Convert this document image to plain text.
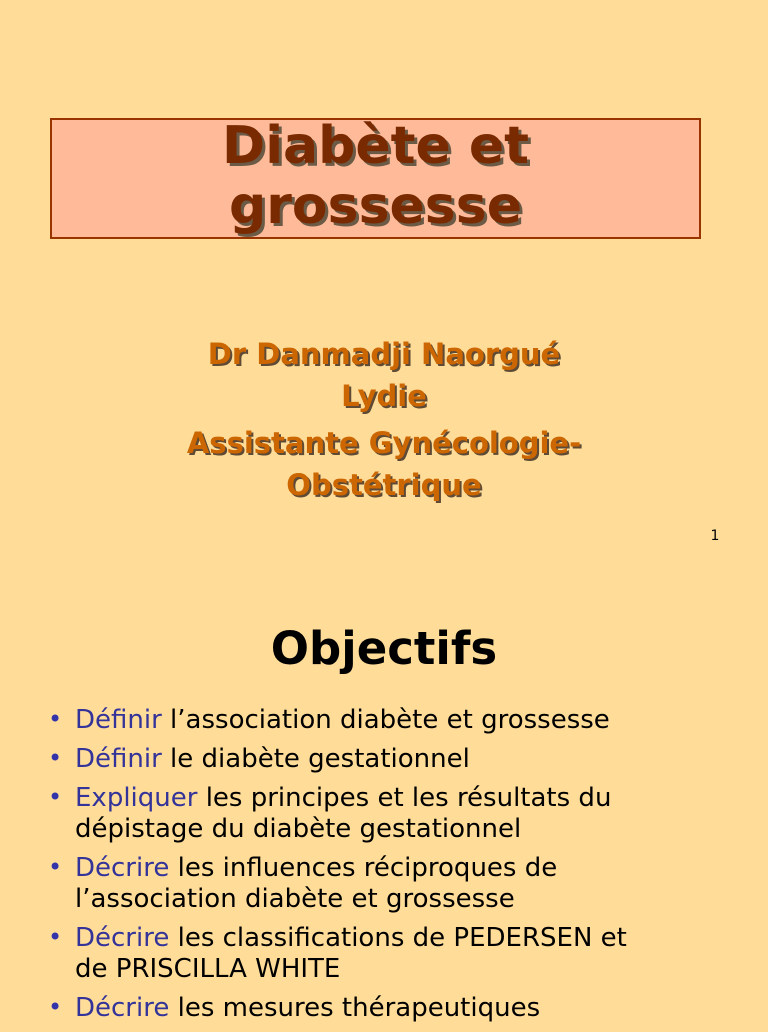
Diabète et
grossesse
Dr Danmadji Naorgué
Lydie
Assistante Gynécologie-
Obstétrique
1
Objectifs
• Définir l’association diabète et grossesse
• Définir le diabète gestationnel
• Expliquer les principes et les résultats du
dépistage du diabète gestationnel
• Décrire les influences réciproques de
l’association diabète et grossesse
• Décrire les classifications de PEDERSEN et
de PRISCILLA WHITE
• Décrire les mesures thérapeutiques
